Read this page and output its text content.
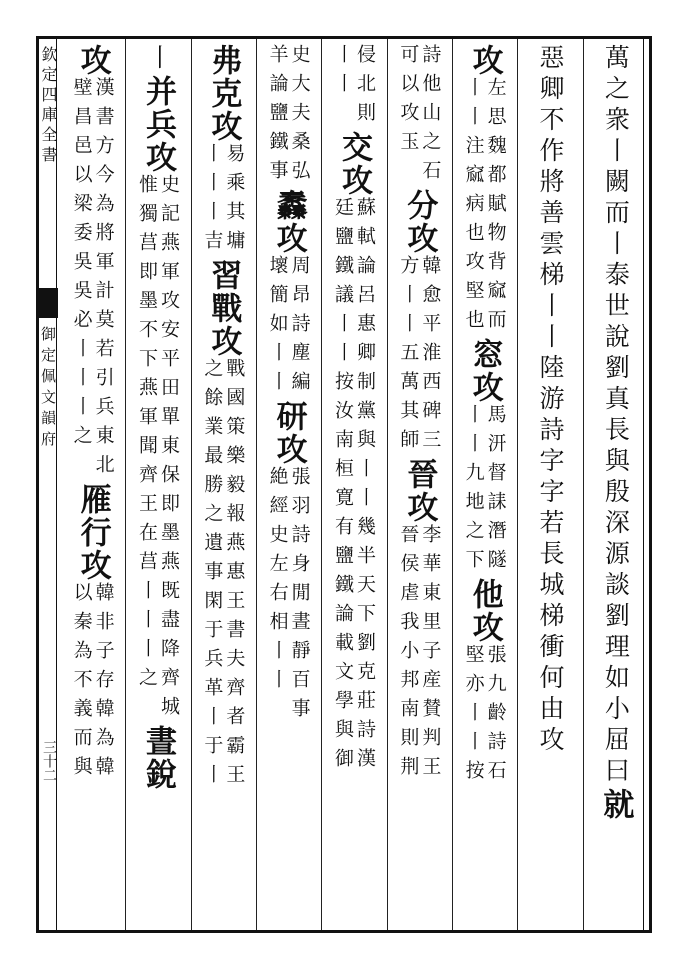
欽定四庫全書
御定佩文韻府
三十二	萬之衆丨闕而丨泰世說劉真長與殷深源談劉理如小屈曰
就
惡卿不作將善雲梯丨丨陸游詩字字若長城梯衝何由攻
攻
左思魏都賦物背窳而
丨丨注窳病也攻堅也
窓攻
馬汧督誄潛隧
丨丨九地之下
他攻
張九齡詩石
堅亦丨丨按
詩他山之石
可以攻玉
分攻
韓愈平淮西碑三
方丨丨五萬其師
晉攻
李華東里子産賛判王
晉侯虐我小邦南則荆
侵北則
丨丨
交攻
蘇軾論呂惠卿制黨與丨丨幾半天下劉克莊詩漢
廷鹽鐵議丨丨按汝南桓寛有鹽鐵論載文學與御
史大夫桑弘
羊論鹽鐵事
䆐攻
周昂詩塵編
壞簡如丨丨
研攻
張羽詩身閒晝靜百事
絶經史左右相丨丨
弗克攻
易乘其墉
丨丨丨吉
習戰攻
戰國策樂毅報燕惠王書夫齊者霸王
之餘業最勝之遺事閑于兵革丨于丨
丨
并兵攻
史記燕軍攻安平田單東保即墨燕既盡降齊城
惟獨莒即墨不下燕軍聞齊王在莒丨丨丨之
晝銳
攻
漢書方今為將軍計莫若引兵東北
壁昌邑以梁委吳吳必丨丨丨之
雁行攻
韓非子存韓為韓
以秦為不義而與
